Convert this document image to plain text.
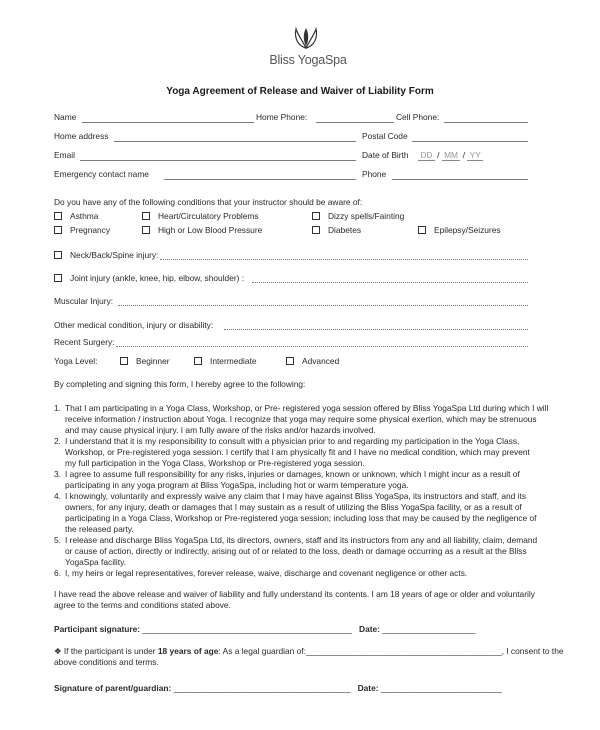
Bliss YogaSpa
Yoga Agreement of Release and Waiver of Liability Form
Name	Home Phone:	Cell Phone:
Home address	Postal Code
Email	Date of Birth DD / MM / YY
Emergency contact name	Phone
Do you have any of the following conditions that your instructor should be aware of:
Asthma	Heart/Circulatory Problems	Dizzy spells/Fainting
Pregnancy	High or Low Blood Pressure	Diabetes	Epilepsy/Seizures
Neck/Back/Spine injury:
Joint injury (ankle, knee, hip, elbow, shoulder) :
Muscular Injury:
Other medical condition, injury or disability:
Recent Surgery:
Yoga Level:	Beginner	Intermediate	Advanced
By completing and signing this form, I hereby agree to the following:
1. That I am participating in a Yoga Class, Workshop, or Pre- registered yoga session offered by Bliss YogaSpa Ltd during which I will
receive information / instruction about Yoga. I recognize that yoga may require some physical exertion, which may be strenuous
and may cause physical injury. I am fully aware of the risks and/or hazards involved.
2. I understand that it is my responsibility to consult with a physician prior to and regarding my participation in the Yoga Class,
Workshop, or Pre-registered yoga session. I certify that I am physically fit and I have no medical condition, which may prevent
my full participation in the Yoga Class, Workshop or Pre-registered yoga session.
3. I agree to assume full responsibility for any risks, injuries or damages, known or unknown, which I might incur as a result of
participating in any yoga program at Bliss YogaSpa, including hot or warm temperature yoga.
4. I knowingly, voluntarily and expressly waive any claim that I may have against Bliss YogaSpa, its instructors and staff, and its
owners, for any injury, death or damages that I may sustain as a result of utilizing the Bliss YogaSpa facility, or as a result of
participating in a Yoga Class, Workshop or Pre-registered yoga session; including loss that may be caused by the negligence of
the released party.
5. I release and discharge Bliss YogaSpa Ltd, its directors, owners, staff and its instructors from any and all liability, claim, demand
or cause of action, directly or indirectly, arising out of or related to the loss, death or damage occurring as a result at the Bliss YogaSpa facility.
6. I, my heirs or legal representatives, forever release, waive, discharge and covenant negligence or other acts.
I have read the above release and waiver of liability and fully understand its contents. I am 18 years of age or older and voluntarily
agree to the terms and conditions stated above.
Participant signature: _____________________________________________ Date: ____________________
❖ If the participant is under 18 years of age: As a legal guardian of:__________________________________________, I consent to the
above conditions and terms.
Signature of parent/guardian: ______________________________________ Date: __________________________
